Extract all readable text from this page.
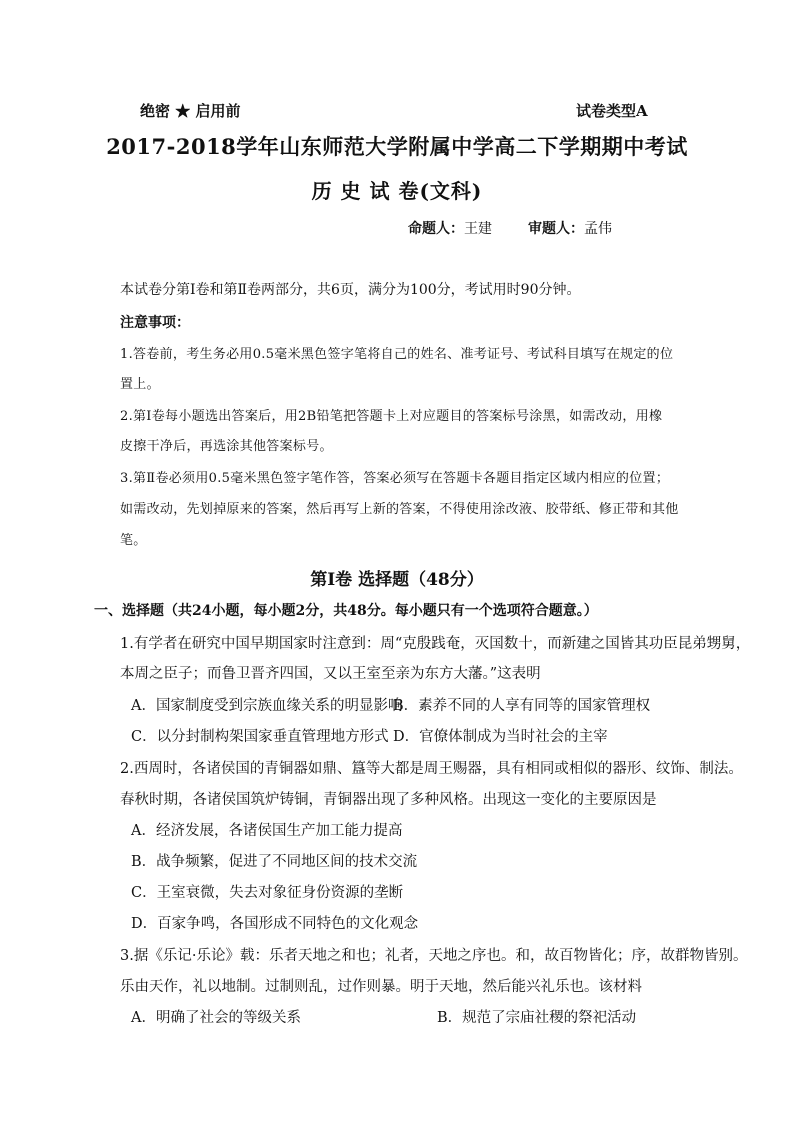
绝密 ★ 启用前	试卷类型A
2017-2018学年山东师范大学附属中学高二下学期期中考试
历 史 试 卷(文科)
命题人：王建	审题人：孟伟
本试卷分第Ⅰ卷和第Ⅱ卷两部分，共6页，满分为100分，考试用时90分钟。
注意事项：
1.答卷前，考生务必用0.5毫米黑色签字笔将自己的姓名、准考证号、考试科目填写在规定的位
置上。
2.第Ⅰ卷每小题选出答案后，用2B铅笔把答题卡上对应题目的答案标号涂黑，如需改动，用橡
皮擦干净后，再选涂其他答案标号。
3.第Ⅱ卷必须用0.5毫米黑色签字笔作答，答案必须写在答题卡各题目指定区域内相应的位置；
如需改动，先划掉原来的答案，然后再写上新的答案，不得使用涂改液、胶带纸、修正带和其他
笔。
第Ⅰ卷 选择题（48分）
一、选择题（共24小题，每小题2分，共48分。每小题只有一个选项符合题意。）
1.有学者在研究中国早期国家时注意到：周“克殷践奄，灭国数十，而新建之国皆其功臣昆弟甥舅，
本周之臣子；而鲁卫晋齐四国，又以王室至亲为东方大藩。”这表明
A．国家制度受到宗族血缘关系的明显影响
B．素养不同的人享有同等的国家管理权
C．以分封制构架国家垂直管理地方形式 D．官僚体制成为当时社会的主宰
2.西周时，各诸侯国的青铜器如鼎、簋等大都是周王赐器，具有相同或相似的器形、纹饰、制法。
春秋时期，各诸侯国筑炉铸铜，青铜器出现了多种风格。出现这一变化的主要原因是
A．经济发展，各诸侯国生产加工能力提高
B．战争频繁，促进了不同地区间的技术交流
C．王室衰微，失去对象征身份资源的垄断
D．百家争鸣，各国形成不同特色的文化观念
3.据《乐记·乐论》载：乐者天地之和也；礼者，天地之序也。和，故百物皆化；序，故群物皆别。
乐由天作，礼以地制。过制则乱，过作则暴。明于天地，然后能兴礼乐也。该材料
A．明确了社会的等级关系	B．规范了宗庙社稷的祭祀活动
